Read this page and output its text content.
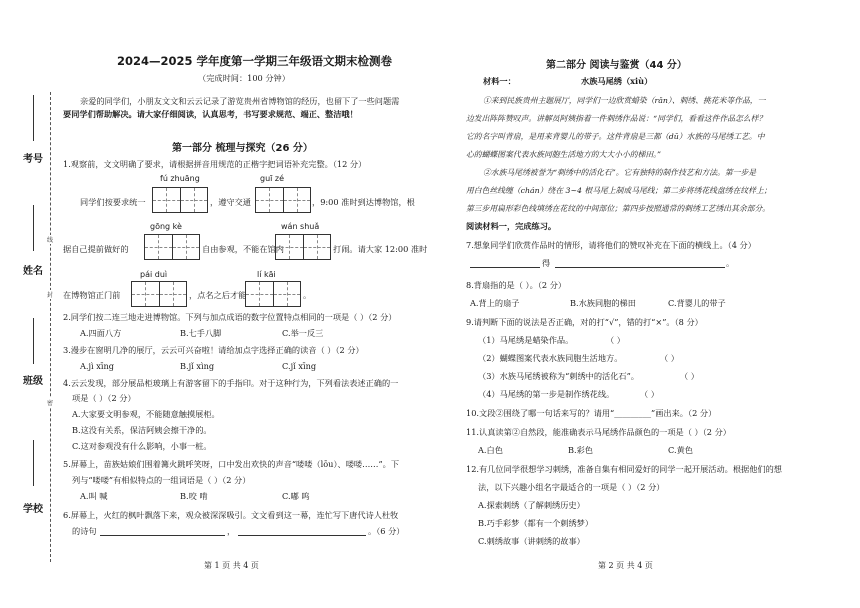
考号
姓名
班级
学校
线
封
密
2024—2025 学年度第一学期三年级语文期末检测卷
（完成时间：100 分钟）
亲爱的同学们，小朋友文文和云云记录了游览贵州省博物馆的经历，也留下了一些问题需
要同学们帮助解决。请大家仔细阅读，认真思考，书写要求规范、端正、整洁哦！
第一部分 梳理与探究（26 分）
1.观察前，文文明确了要求，请根据拼音用规范的正楷字把词语补充完整。（12 分）
fú zhuāng	guī zé
同学们按要求统一	，遵守交通	，9:00 准时到达博物馆，根
gōng kè	wán shuǎ
据自己提前做好的	自由参观，不能在馆内	打闹。请大家 12:00 准时
pái duì	lí kāi
在博物馆正门前	，点名之后才能	。
2.同学们按二连三地走进博物馆。下列与加点成语的数字位置特点相同的一项是（ ）（2 分）
A.四面八方	B.七手八脚	C.举一反三
3.漫步在窗明几净的展厅，云云可兴奋啦！请给加点字选择正确的读音（ ）（2 分）
A.jì xīng	B.jǐ xìng	C.jǐ xīng
4.云云发现，部分展品柜玻璃上有游客留下的手指印。对于这种行为，下列看法表述正确的一
项是（ ）（2 分）
A.大家要文明参观，不能随意触摸展柜。
B.这没有关系，保洁阿姨会擦干净的。
C.这对参观没有什么影响，小事一桩。
5.屏幕上，苗族姑娘们围着篝火跳呼笑呀，口中发出欢快的声音“喽喽（lōu）、喽喽……”。下
列与“喽喽”有相似特点的一组词语是（ ）（2 分）
A.叫 喊	B.咬 啃	C.嘟 呜
6.屏幕上，火红的枫叶飘落下来，观众被深深吸引。文文看到这一幕，连忙写下唐代诗人杜牧
的诗句	，	。（6 分）
第 1 页 共 4 页
第二部分 阅读与鉴赏（44 分）
材料一：	水族马尾绣（xiù）
①来到民族贵州主题展厅，同学们一边欣赏蜡染（rǎn）、刺绣、挑花米等作品，一
边发出阵阵赞叹声。讲解员阿姨指着一件刺绣作品说：“同学们，看看这件作品怎么样？
它的名字叫背扇，是用来背婴儿的带子。这件背扇是三都（dū）水族的马尾绣工艺。中
心的蝴蝶图案代表水族同胞生活地方的大大小小的梯田。”
②水族马尾绣被誉为“刺绣中的活化石”。它有独特的制作技艺和方法。第一步是
用白色丝线缠（chán）绕在 3~4 根马尾上制成马尾线；第二步将绣花线盘绣在纹样上；
第三步用扁形彩色线填绣在花纹的中间部位；第四步按照通常的刺绣工艺绣出其余部分。
阅读材料一，完成练习。
7.想象同学们欣赏作品时的情形，请将他们的赞叹补充在下面的横线上。（4 分）
得	。
8.背扇指的是（ ）。（2 分）
A.背上的扇子	B.水族同胞的梯田	C.背婴儿的带子
9.请判断下面的说法是否正确，对的打“√”，错的打“×”。（8 分）
（1）马尾绣是蜡染作品。	（ ）
（2）蝴蝶图案代表水族同胞生活地方。	（ ）
（3）水族马尾绣被称为“刺绣中的活化石”。	（ ）
（4）马尾绣的第一步是制作绣花线。	（ ）
10.文段②围绕了哪一句话来写的？请用“_________”画出来。（2 分）
11.认真读第②自然段，能准确表示马尾绣作品颜色的一项是（ ）（2 分）
A.白色	B.彩色	C.黄色
12.有几位同学很想学习刺绣，准备自集有相同爱好的同学一起开展活动。根据他们的想
法，以下兴趣小组名字最适合的一项是（ ）（2 分）
A.探索刺绣（了解刺绣历史）
B.巧手彩梦（都有一个刺绣梦）
C.刺绣故事（讲刺绣的故事）
第 2 页 共 4 页
